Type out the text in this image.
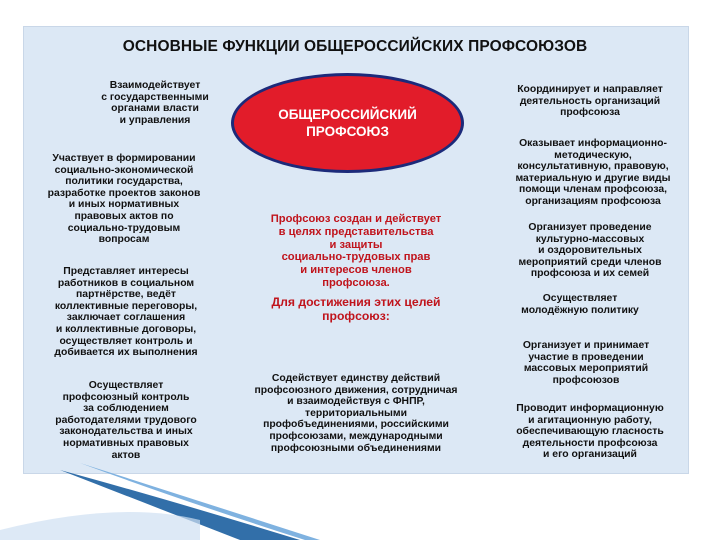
ОСНОВНЫЕ ФУНКЦИИ ОБЩЕРОССИЙСКИХ ПРОФСОЮЗОВ
ОБЩЕРОССИЙСКИЙ
ПРОФСОЮЗ
Взаимодействует
с государственными
органами власти
и управления
Участвует в формировании
социально-экономической
политики государства,
разработке проектов законов
и иных нормативных
правовых актов по
социально-трудовым
вопросам
Представляет интересы
работников в социальном
партнёрстве, ведёт
коллективные переговоры,
заключает соглашения
и коллективные договоры,
осуществляет контроль и
добивается их выполнения
Осуществляет
профсоюзный контроль
за соблюдением
работодателями трудового
законодательства и иных
нормативных правовых
актов
Профсоюз создан и действует
в целях представительства
и защиты
социально-трудовых прав
и интересов членов
профсоюза.
Для достижения этих целей
профсоюз:
Содействует единству действий
профсоюзного движения, сотрудничая
и взаимодействуя с ФНПР,
территориальными
профобъединениями, российскими
профсоюзами, международными
профсоюзными объединениями
Координирует и направляет
деятельность организаций
профсоюза
Оказывает информационно-
методическую,
консультативную, правовую,
материальную и другие виды
помощи членам профсоюза,
организациям профсоюза
Организует проведение
культурно-массовых
и оздоровительных
мероприятий среди членов
профсоюза и их семей
Осуществляет
молодёжную политику
Организует и принимает
участие в проведении
массовых мероприятий
профсоюзов
Проводит информационную
и агитационную работу,
обеспечивающую гласность
деятельности профсоюза
и его организаций
